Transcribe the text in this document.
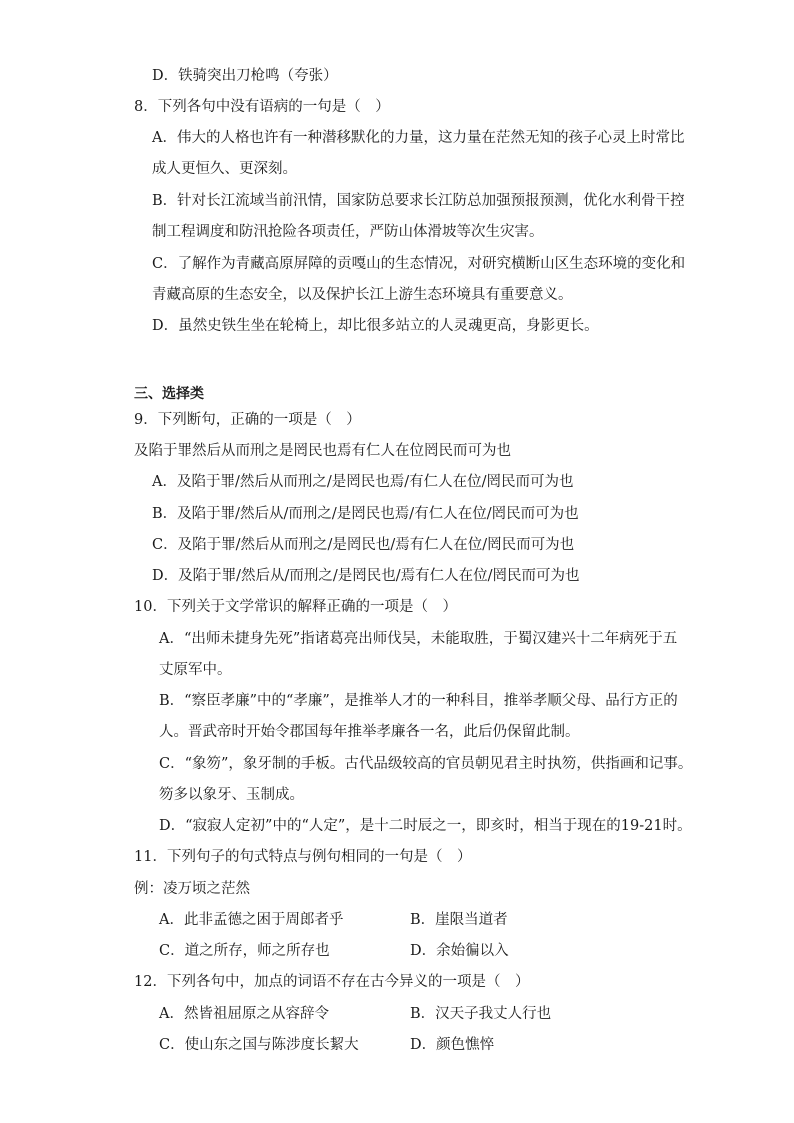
D．铁骑突出刀枪鸣（夸张）
8．下列各句中没有语病的一句是（　）
A．伟大的人格也许有一种潜移默化的力量，这力量在茫然无知的孩子心灵上时常比
成人更恒久、更深刻。
B．针对长江流域当前汛情，国家防总要求长江防总加强预报预测，优化水利骨干控
制工程调度和防汛抢险各项责任，严防山体滑坡等次生灾害。
C．了解作为青藏高原屏障的贡嘎山的生态情况，对研究横断山区生态环境的变化和
青藏高原的生态安全，以及保护长江上游生态环境具有重要意义。
D．虽然史铁生坐在轮椅上，却比很多站立的人灵魂更高，身影更长。
三、选择类
9．下列断句，正确的一项是（　）
及陷于罪然后从而刑之是罔民也焉有仁人在位罔民而可为也
A．及陷于罪/然后从而刑之/是罔民也焉/有仁人在位/罔民而可为也
B．及陷于罪/然后从/而刑之/是罔民也焉/有仁人在位/罔民而可为也
C．及陷于罪/然后从而刑之/是罔民也/焉有仁人在位/罔民而可为也
D．及陷于罪/然后从/而刑之/是罔民也/焉有仁人在位/罔民而可为也
10．下列关于文学常识的解释正确的一项是（　）
A．“出师未捷身先死”指诸葛亮出师伐吴，未能取胜，于蜀汉建兴十二年病死于五
丈原军中。
B．“察臣孝廉”中的“孝廉”，是推举人才的一种科目，推举孝顺父母、品行方正的
人。晋武帝时开始令郡国每年推举孝廉各一名，此后仍保留此制。
C．“象笏”，象牙制的手板。古代品级较高的官员朝见君主时执笏，供指画和记事。
笏多以象牙、玉制成。
D．“寂寂人定初”中的“人定”，是十二时辰之一，即亥时，相当于现在的19-21时。
11．下列句子的句式特点与例句相同的一句是（　）
例：凌万顷之茫然
A．此非孟德之困于周郎者乎	B．崖限当道者
C．道之所存，师之所存也	D．余始徧以入
12．下列各句中，加点的词语不存在古今异义的一项是（　）
A．然皆祖屈原之从容辞令	B．汉天子我丈人行也
C．使山东之国与陈涉度长絜大	D．颜色憔悴
